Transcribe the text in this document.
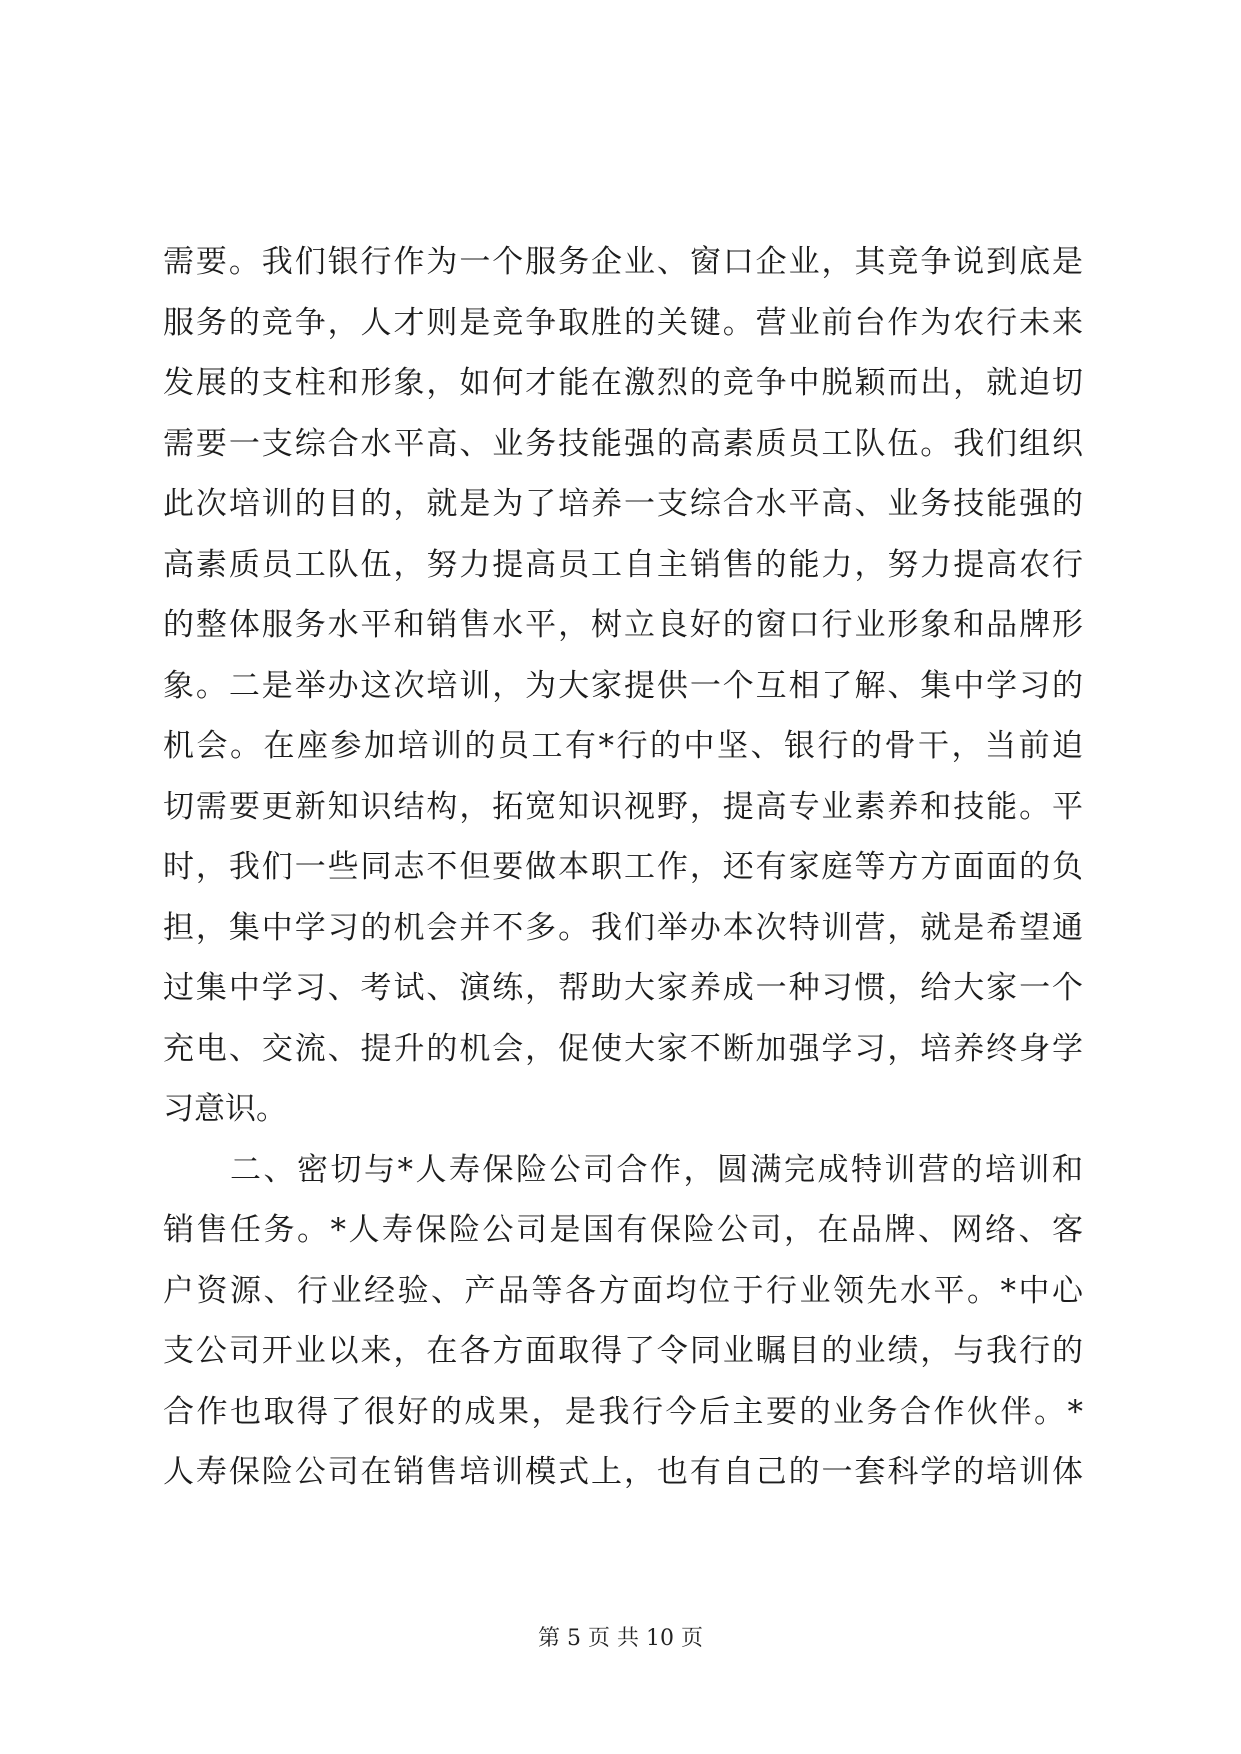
需要。我们银行作为一个服务企业、窗口企业，其竞争说到底是
服务的竞争，人才则是竞争取胜的关键。营业前台作为农行未来
发展的支柱和形象，如何才能在激烈的竞争中脱颖而出，就迫切
需要一支综合水平高、业务技能强的高素质员工队伍。我们组织
此次培训的目的，就是为了培养一支综合水平高、业务技能强的
高素质员工队伍，努力提高员工自主销售的能力，努力提高农行
的整体服务水平和销售水平，树立良好的窗口行业形象和品牌形
象。二是举办这次培训，为大家提供一个互相了解、集中学习的
机会。在座参加培训的员工有*行的中坚、银行的骨干，当前迫
切需要更新知识结构，拓宽知识视野，提高专业素养和技能。平
时，我们一些同志不但要做本职工作，还有家庭等方方面面的负
担，集中学习的机会并不多。我们举办本次特训营，就是希望通
过集中学习、考试、演练，帮助大家养成一种习惯，给大家一个
充电、交流、提升的机会，促使大家不断加强学习，培养终身学
习意识。
　　二、密切与*人寿保险公司合作，圆满完成特训营的培训和
销售任务。*人寿保险公司是国有保险公司，在品牌、网络、客
户资源、行业经验、产品等各方面均位于行业领先水平。*中心
支公司开业以来，在各方面取得了令同业瞩目的业绩，与我行的
合作也取得了很好的成果，是我行今后主要的业务合作伙伴。*
人寿保险公司在销售培训模式上，也有自己的一套科学的培训体
第 5 页 共 10 页
